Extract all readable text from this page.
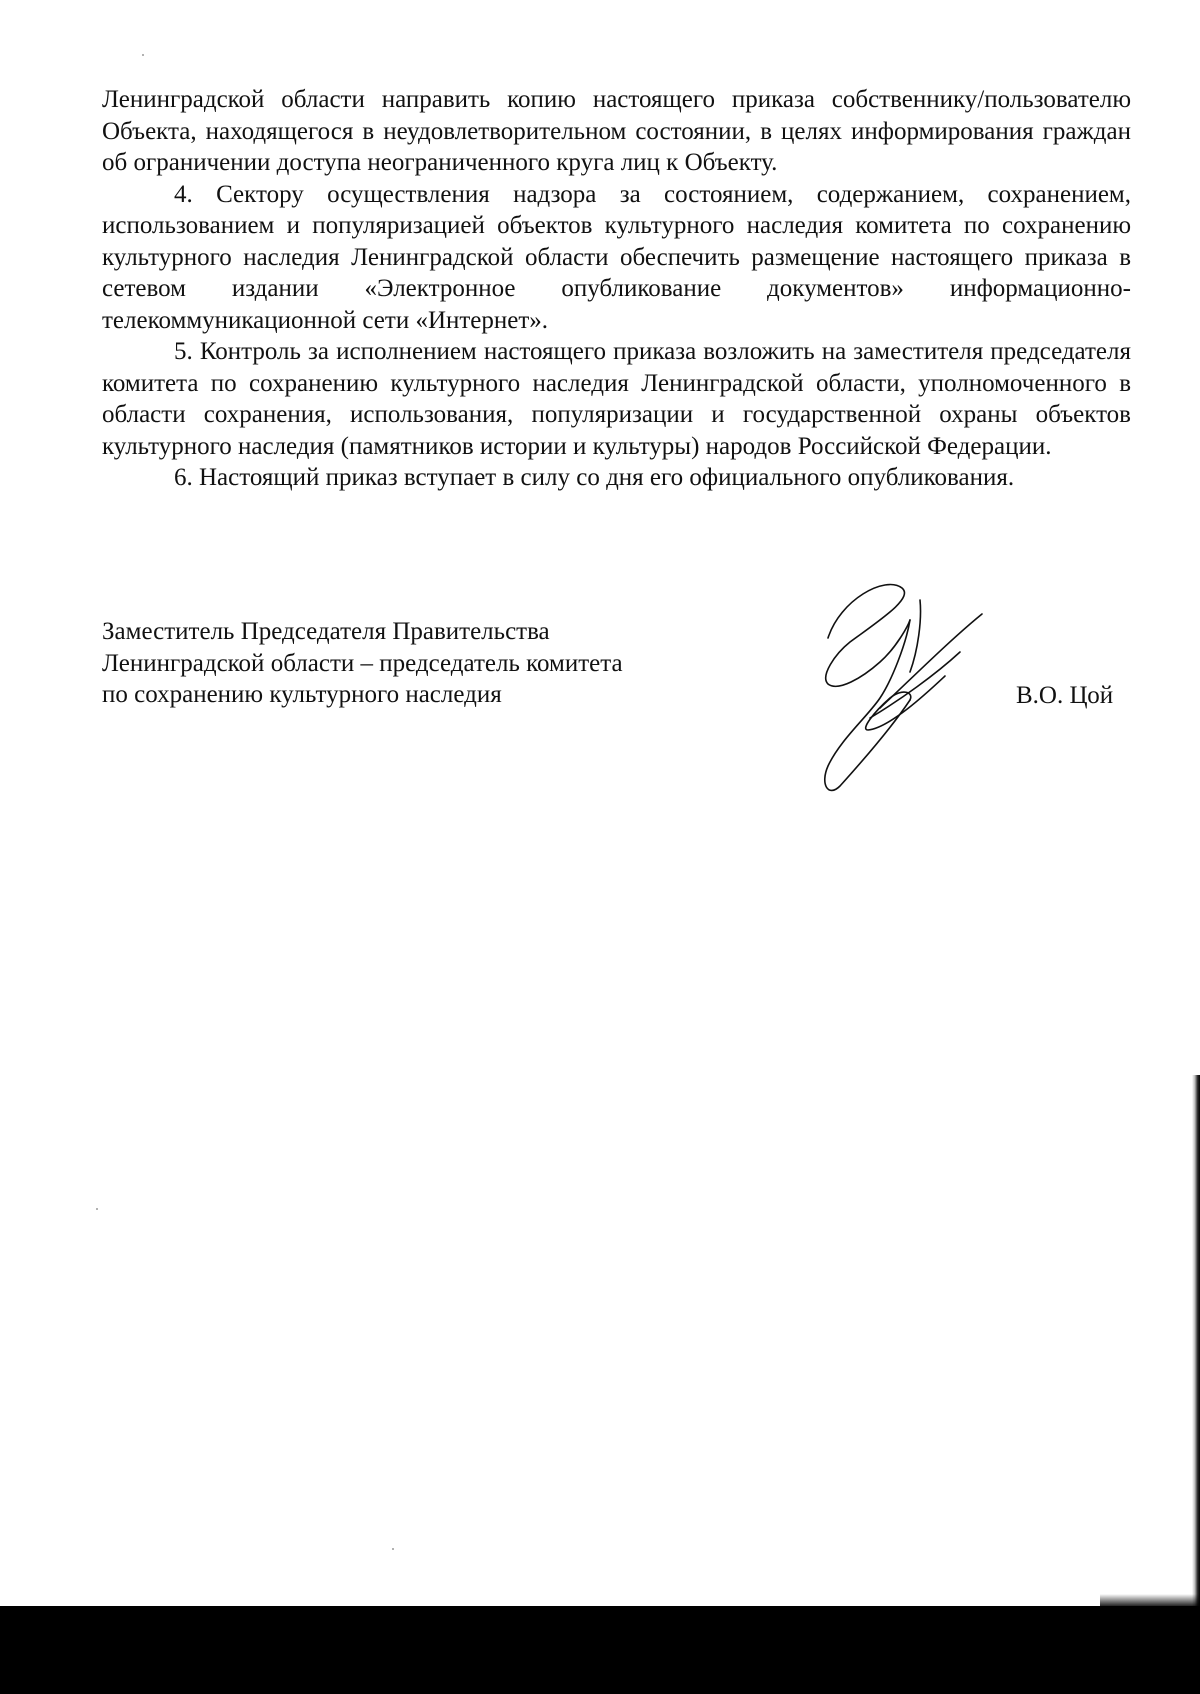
Ленинградской области направить копию настоящего приказа собственнику/пользователю Объекта, находящегося в неудовлетворительном состоянии, в целях информирования граждан об ограничении доступа неограниченного круга лиц к Объекту.

4. Сектору осуществления надзора за состоянием, содержанием, сохранением, использованием и популяризацией объектов культурного наследия комитета по сохранению культурного наследия Ленинградской области обеспечить размещение настоящего приказа в сетевом издании «Электронное опубликование документов» информационно-телекоммуникационной сети «Интернет».

5. Контроль за исполнением настоящего приказа возложить на заместителя председателя комитета по сохранению культурного наследия Ленинградской области, уполномоченного в области сохранения, использования, популяризации и государственной охраны объектов культурного наследия (памятников истории и культуры) народов Российской Федерации.

6. Настоящий приказ вступает в силу со дня его официального опубликования.

Заместитель Председателя Правительства
Ленинградской области – председатель комитета
по сохранению культурного наследия	В.О. Цой
